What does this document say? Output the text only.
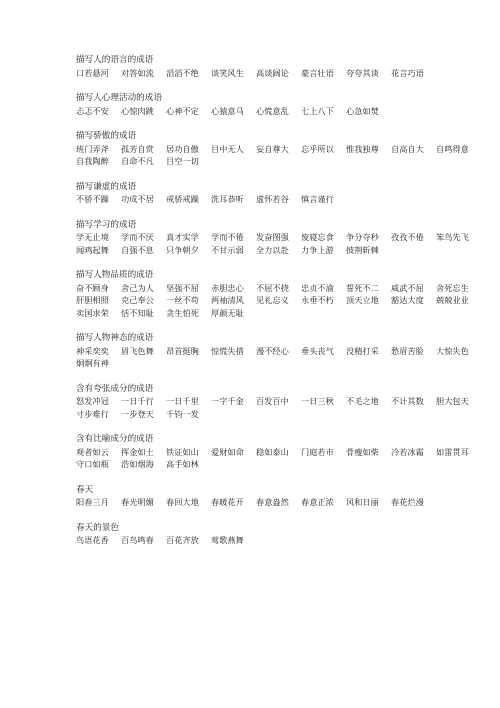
描写人的语言的成语
口若悬河	对答如流	滔滔不绝	谈笑风生	高谈阔论	豪言壮语	夸夸其谈	花言巧语
描写人心理活动的成语
忐忑不安	心惊肉跳	心神不定	心猿意马	心慌意乱	七上八下	心急如焚
描写骄傲的成语
班门弄斧	孤芳自赏	居功自傲	目中无人	妄自尊大	忘乎所以	惟我独尊	自高自大	自鸣得意
自我陶醉	自命不凡	目空一切
描写谦虚的成语
不骄不躁	功成不居	戒骄戒躁	洗耳恭听	虚怀若谷	慎言谨行
描写学习的成语
学无止境	学而不厌	真才实学	学而不倦	发奋图强	废寝忘食	争分夺秒	孜孜不倦	笨鸟先飞
闻鸡起舞	自强不息	只争朝夕	不甘示弱	全力以赴	力争上游	披荆斩棘
描写人物品质的成语
奋不顾身	舍己为人	坚强不屈	赤胆忠心	不屈不挠	忠贞不渝	誓死不二	威武不屈	舍死忘生
肝胆相照	克己奉公	一丝不苟	两袖清风	见礼忘义	永垂不朽	顶天立地	豁达大度	兢兢业业
卖国求荣	恬不知耻	贪生怕死	厚颜无耻
描写人物神态的成语
神采奕奕	眉飞色舞	昂首挺胸	惊慌失措	漫不经心	垂头丧气	没精打采	愁眉苦脸	大惊失色
炯炯有神
含有夸张成分的成语
怒发冲冠	一日千行	一日千里	一字千金	百发百中	一日三秋	不毛之地	不计其数	胆大包天
寸步难行	一步登天	千钧一发
含有比喻成分的成语
观者如云	挥金如土	铁证如山	爱财如命	稳如泰山	门庭若市	骨瘦如柴	冷若冰霜	如雷贯耳
守口如瓶	浩如烟海	高手如林
春天
阳春三月	春光明媚	春回大地	春暖花开	春意盎然	春意正浓	风和日丽	春花烂漫
春天的景色
鸟语花香	百鸟鸣春	百花齐放	莺歌燕舞
